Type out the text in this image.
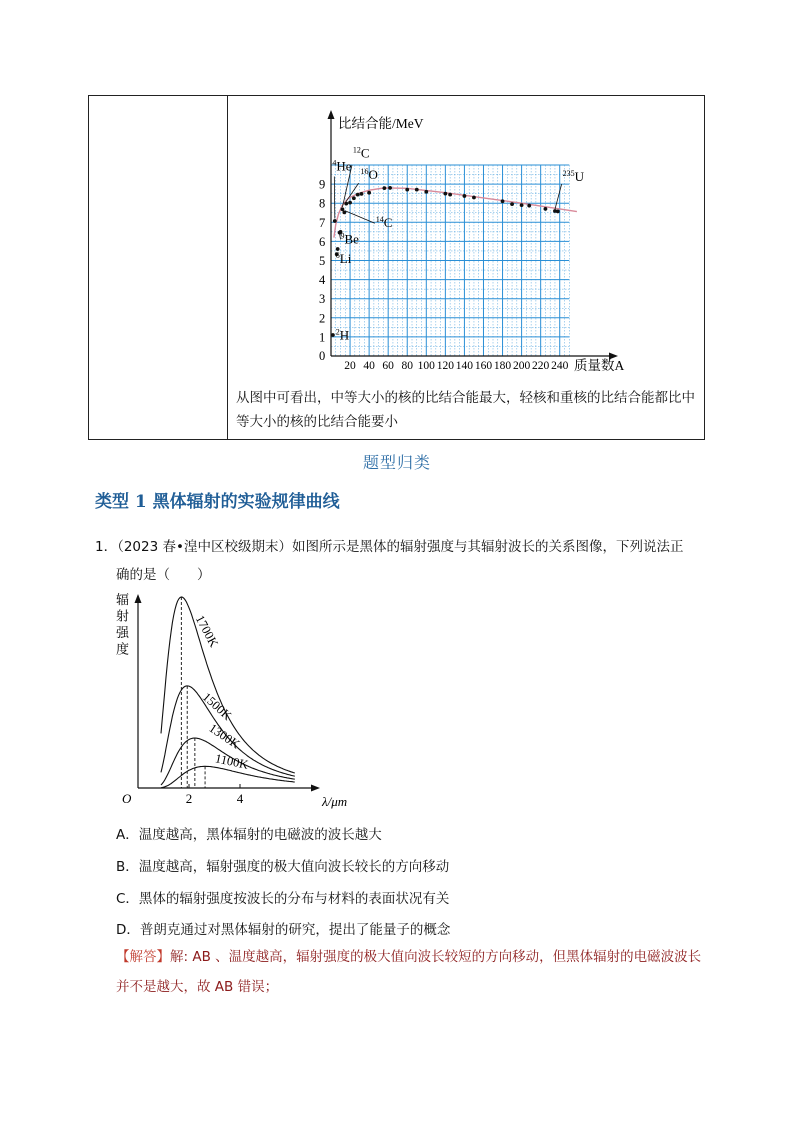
比结合能/MeV
质量数A
0
1
2
3
4
5
6
7
8
9
20 40 60 80 100 120 140 160 180 200 220 240
$^4$He
$^{12}$C
$^{16}$O
$^{14}$C
$^9$Be
$^6$Li
$^2$H
$^{235}$U
从图中可看出，中等大小的核的比结合能最大，轻核和重核的比结合能都比中等大小的核的比结合能要小
题型归类
类型 1 黑体辐射的实验规律曲线
1．（2023 春•湟中区校级期末）如图所示是黑体的辐射强度与其辐射波长的关系图像，下列说法正
确的是（　　）
辐
射
强
度
O	λ/μm
2	4
1700K
1500K
1300K
1100K
A．温度越高，黑体辐射的电磁波的波长越大
B．温度越高，辐射强度的极大值向波长较长的方向移动
C．黑体的辐射强度按波长的分布与材料的表面状况有关
D．普朗克通过对黑体辐射的研究，提出了能量子的概念
【解答】解: AB 、温度越高，辐射强度的极大值向波长较短的方向移动，但黑体辐射的电磁波波长并不是越大，故 AB 错误；
